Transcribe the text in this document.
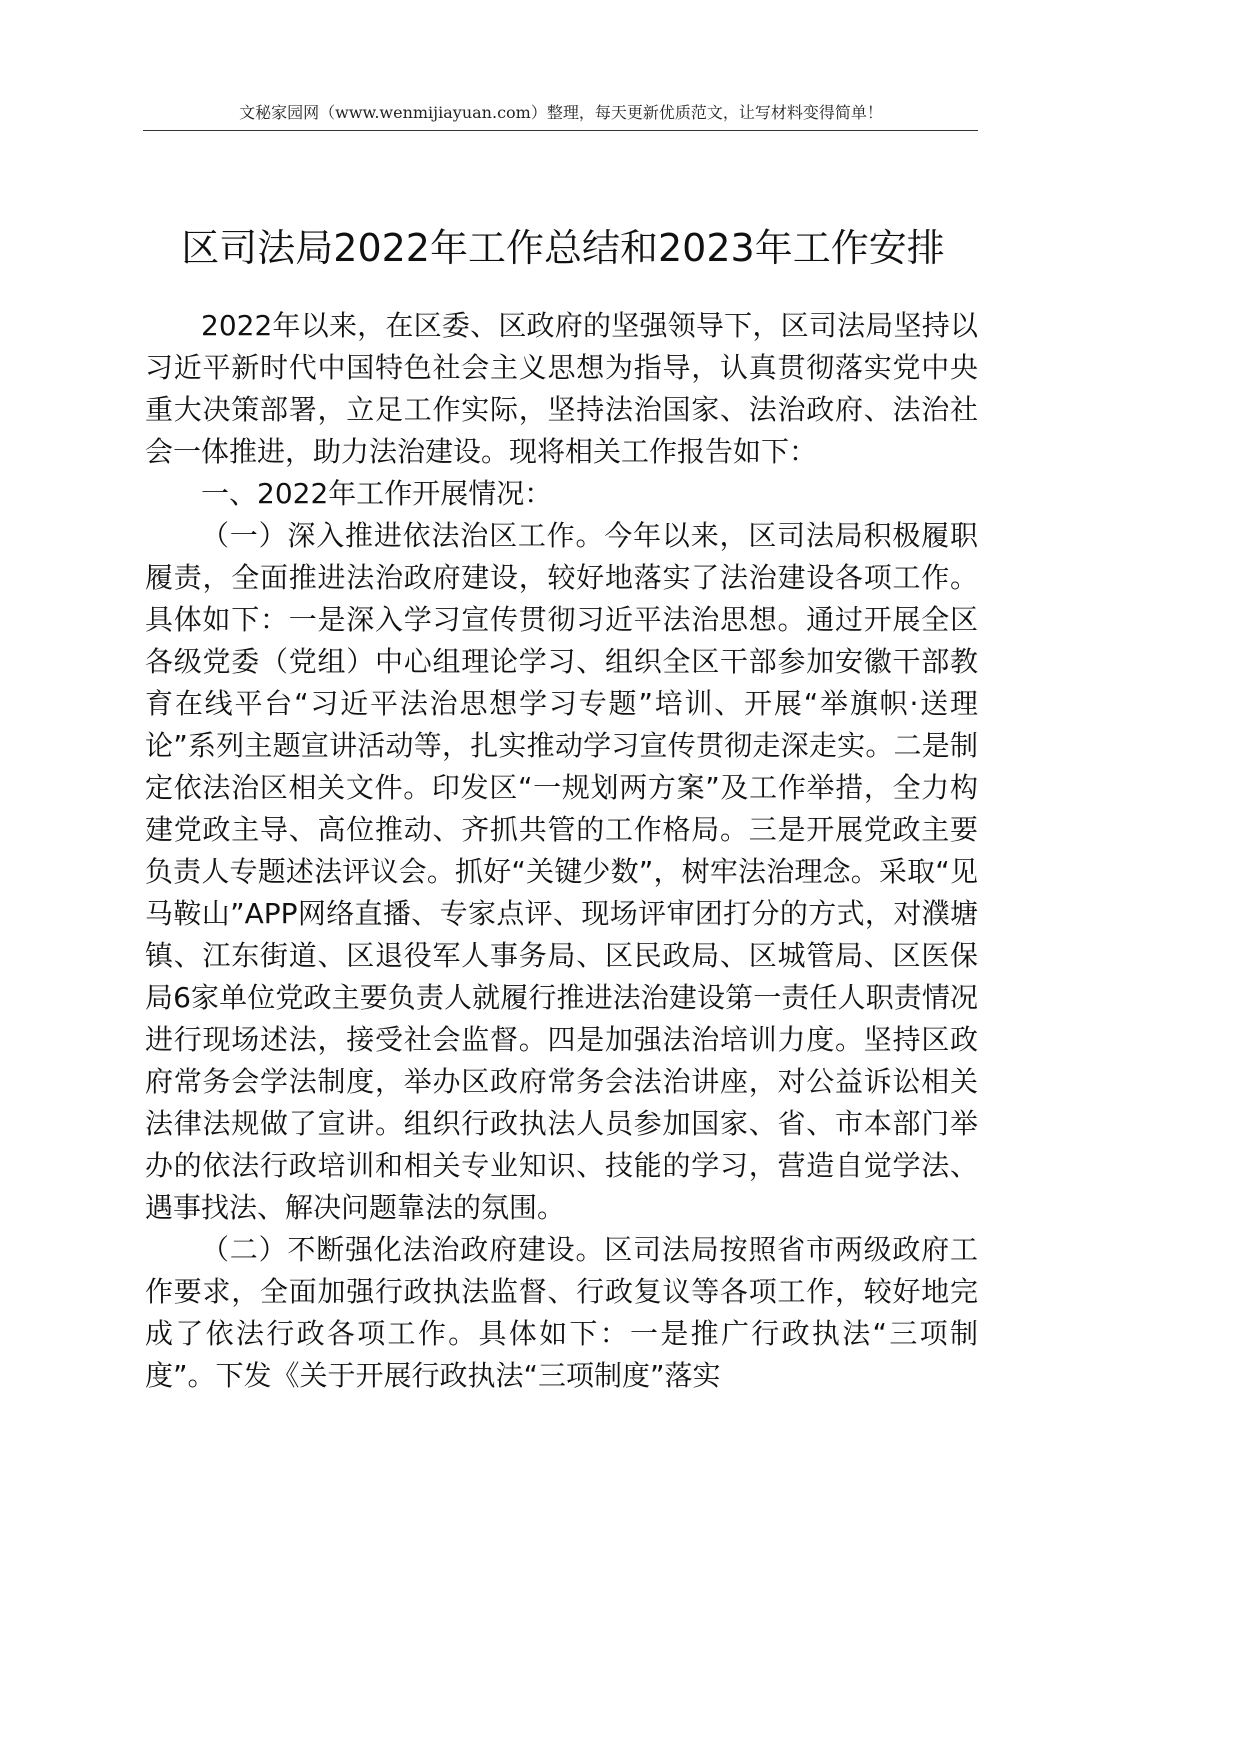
文秘家园网（www.wenmijiayuan.com）整理，每天更新优质范文，让写材料变得简单！
区司法局2022年工作总结和2023年工作安排

2022年以来，在区委、区政府的坚强领导下，区司法局坚持以习近平新时代中国特色社会主义思想为指导，认真贯彻落实党中央重大决策部署，立足工作实际，坚持法治国家、法治政府、法治社会一体推进，助力法治建设。现将相关工作报告如下：

一、2022年工作开展情况：

（一）深入推进依法治区工作。今年以来，区司法局积极履职履责，全面推进法治政府建设，较好地落实了法治建设各项工作。具体如下：一是深入学习宣传贯彻习近平法治思想。通过开展全区各级党委（党组）中心组理论学习、组织全区干部参加安徽干部教育在线平台“习近平法治思想学习专题”培训、开展“举旗帜·送理论”系列主题宣讲活动等，扎实推动学习宣传贯彻走深走实。二是制定依法治区相关文件。印发区“一规划两方案”及工作举措，全力构建党政主导、高位推动、齐抓共管的工作格局。三是开展党政主要负责人专题述法评议会。抓好“关键少数”，树牢法治理念。采取“见马鞍山”APP网络直播、专家点评、现场评审团打分的方式，对濮塘镇、江东街道、区退役军人事务局、区民政局、区城管局、区医保局6家单位党政主要负责人就履行推进法治建设第一责任人职责情况进行现场述法，接受社会监督。四是加强法治培训力度。坚持区政府常务会学法制度，举办区政府常务会法治讲座，对公益诉讼相关法律法规做了宣讲。组织行政执法人员参加国家、省、市本部门举办的依法行政培训和相关专业知识、技能的学习，营造自觉学法、遇事找法、解决问题靠法的氛围。

（二）不断强化法治政府建设。区司法局按照省市两级政府工作要求，全面加强行政执法监督、行政复议等各项工作，较好地完成了依法行政各项工作。具体如下：一是推广行政执法“三项制度”。下发《关于开展行政执法“三项制度”落实
